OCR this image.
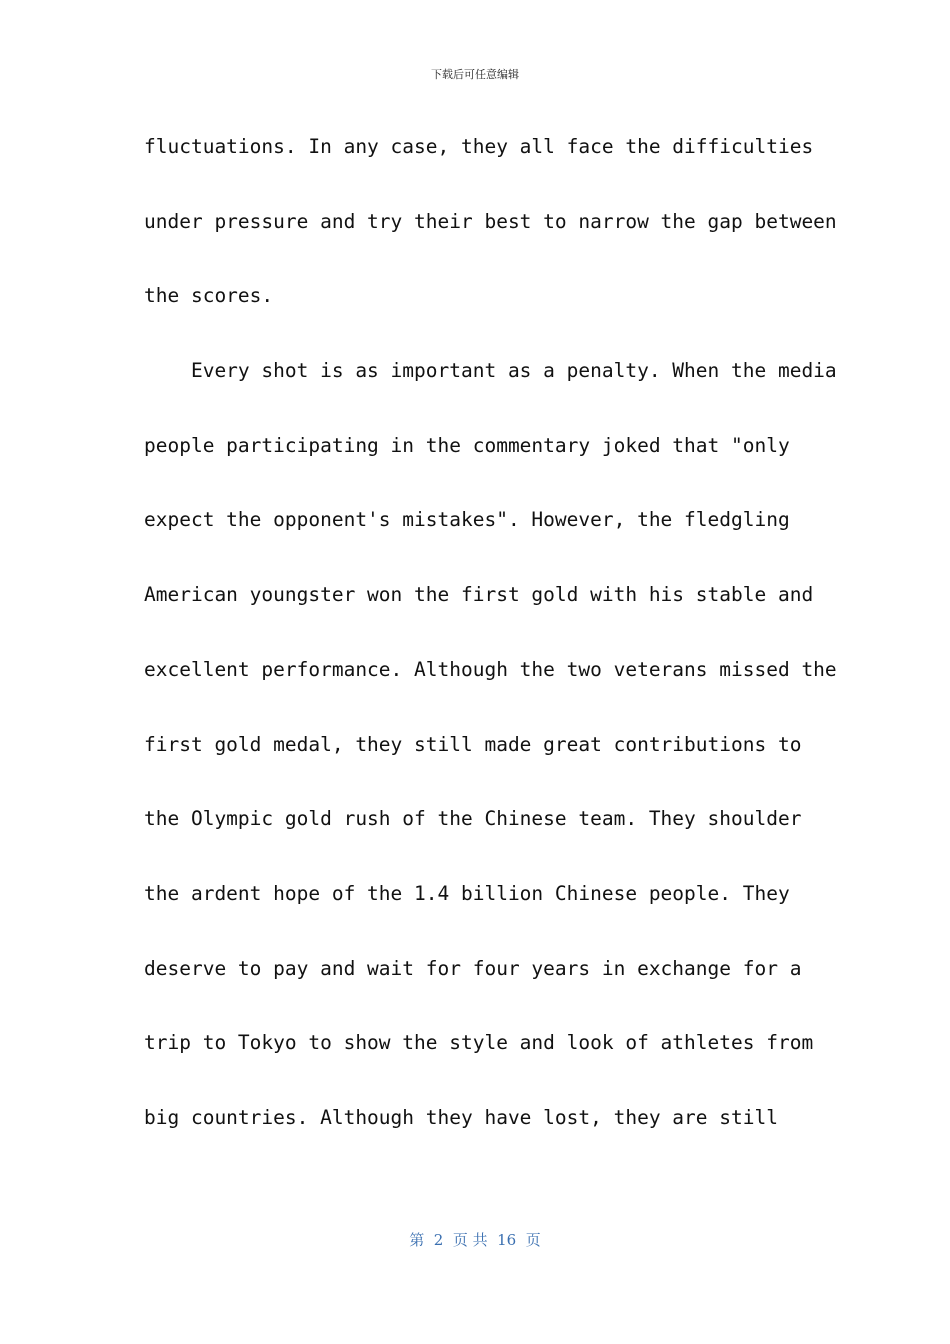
下载后可任意编辑
fluctuations. In any case, they all face the difficulties
under pressure and try their best to narrow the gap between
the scores.
Every shot is as important as a penalty. When the media
people participating in the commentary joked that "only
expect the opponent's mistakes". However, the fledgling
American youngster won the first gold with his stable and
excellent performance. Although the two veterans missed the
first gold medal, they still made great contributions to
the Olympic gold rush of the Chinese team. They shoulder
the ardent hope of the 1.4 billion Chinese people. They
deserve to pay and wait for four years in exchange for a
trip to Tokyo to show the style and look of athletes from
big countries. Although they have lost, they are still
第  2  页 共  16  页
